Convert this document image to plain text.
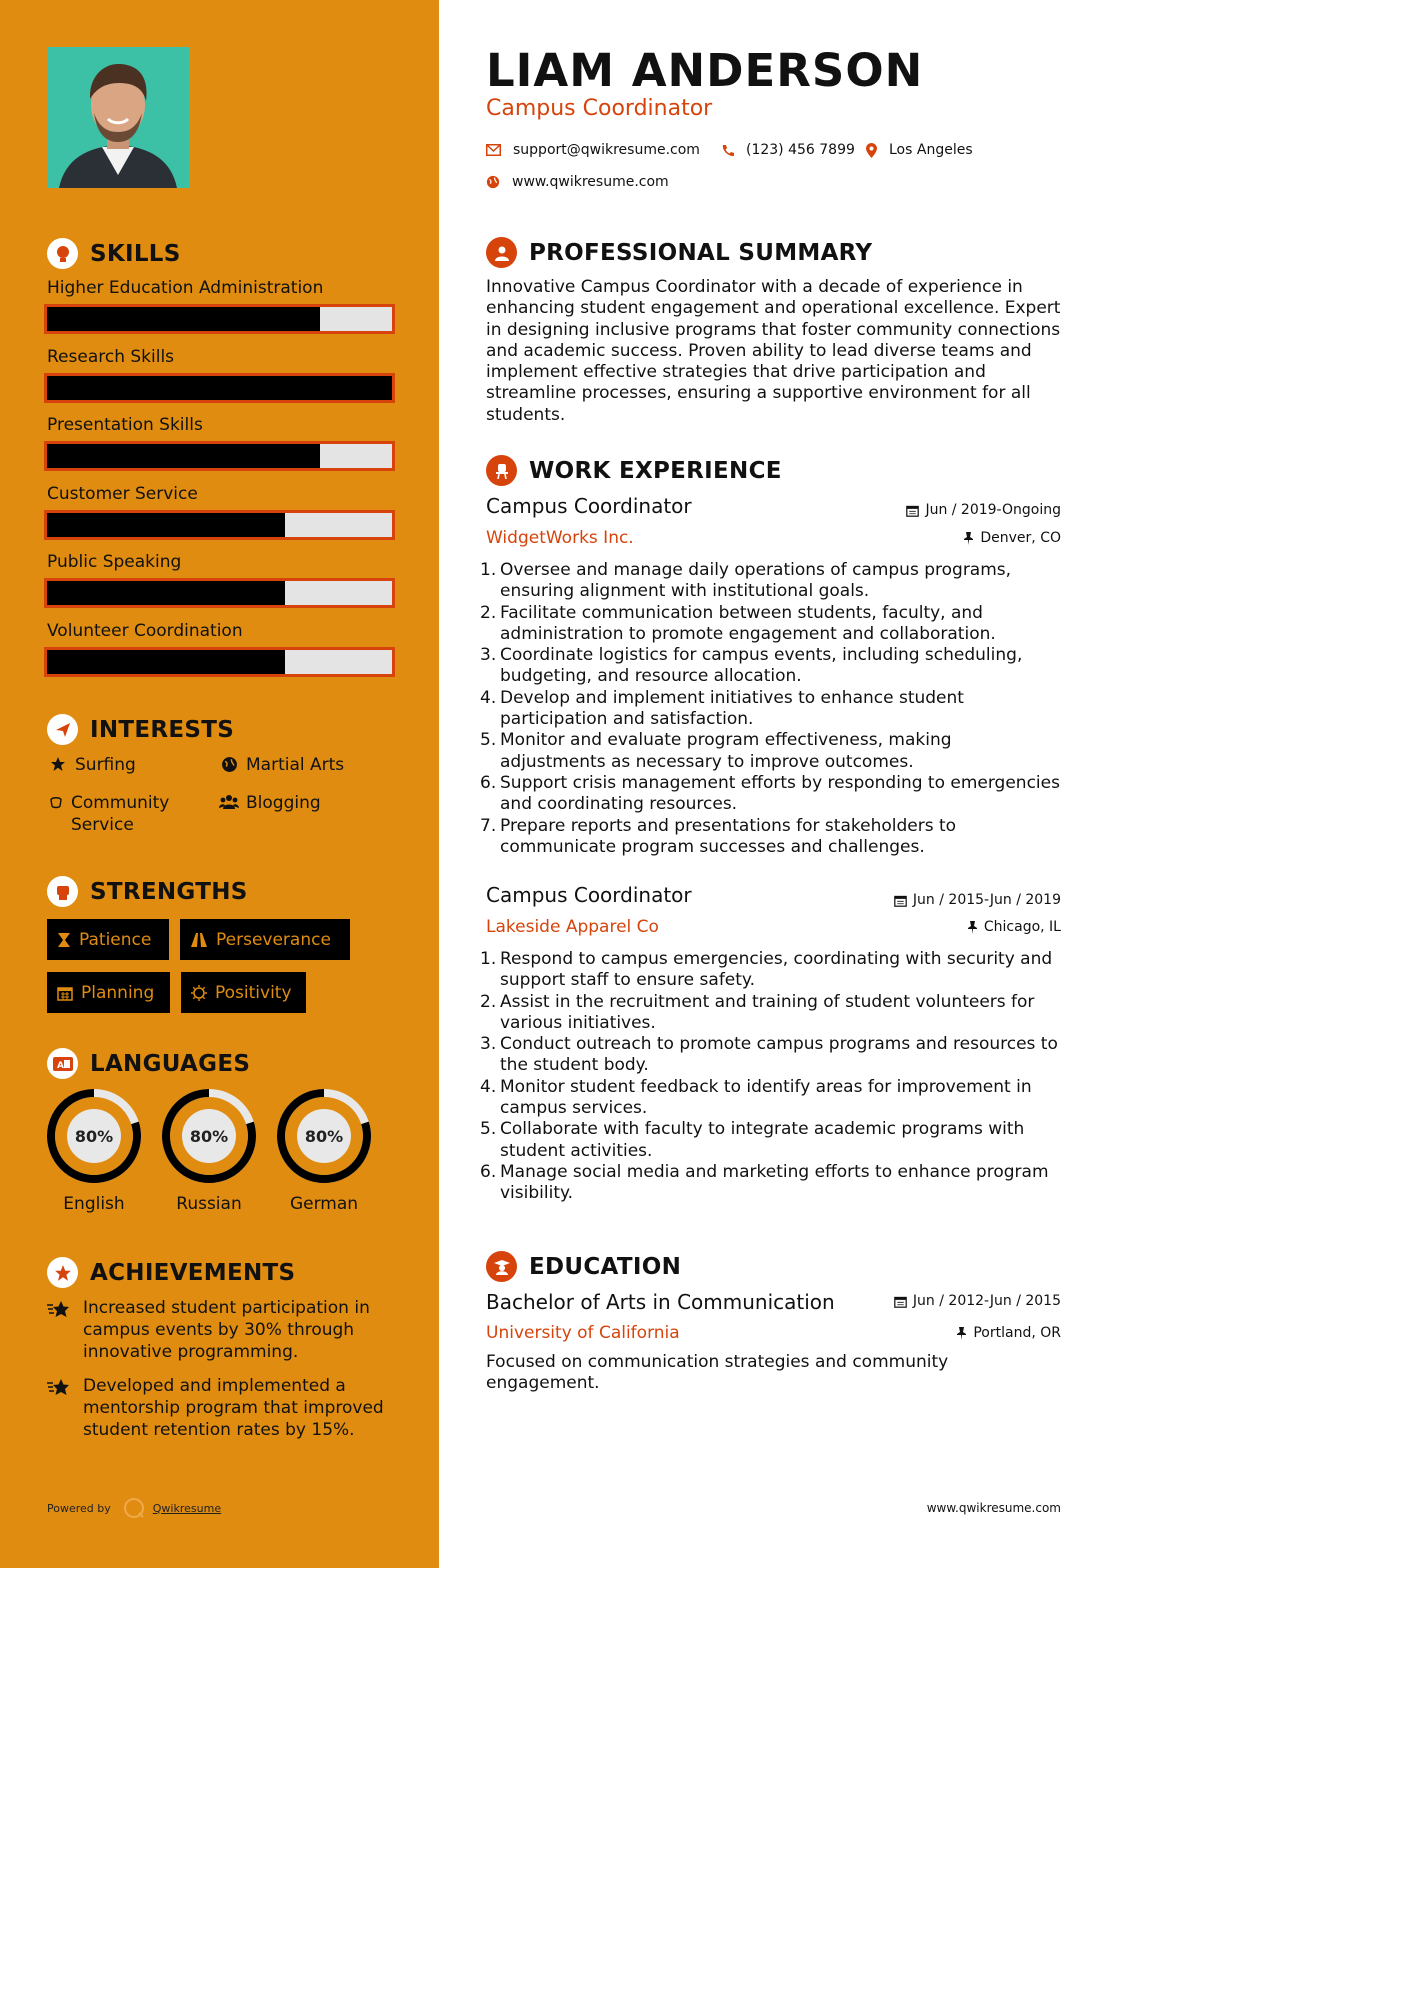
SKILLS
Higher Education Administration
Research Skills
Presentation Skills
Customer Service
Public Speaking
Volunteer Coordination
INTERESTS
Surfing	Martial Arts
Community Service
Blogging
STRENGTHS
Patience	Perseverance
Planning	Positivity
A LANGUAGES
80%
English
80%
Russian
80%
German
ACHIEVEMENTS
Increased student participation in campus events by 30% through innovative programming.
Developed and implemented a mentorship program that improved student retention rates by 15%.
Powered by	Qwikresume
LIAM ANDERSON
Campus Coordinator
support@qwikresume.com	(123) 456 7899 Los Angeles
www.qwikresume.com
PROFESSIONAL SUMMARY
Innovative Campus Coordinator with a decade of experience in enhancing student engagement and operational excellence. Expert in designing inclusive programs that foster community connections and academic success. Proven ability to lead diverse teams and implement effective strategies that drive participation and streamline processes, ensuring a supportive environment for all students.
WORK EXPERIENCE
Campus Coordinator	Jun / 2019-Ongoing
WidgetWorks Inc.	Denver, CO
Oversee and manage daily operations of campus programs, ensuring alignment with institutional goals.
Facilitate communication between students, faculty, and administration to promote engagement and collaboration.
Coordinate logistics for campus events, including scheduling, budgeting, and resource allocation.
Develop and implement initiatives to enhance student participation and satisfaction.
Monitor and evaluate program effectiveness, making adjustments as necessary to improve outcomes.
Support crisis management efforts by responding to emergencies and coordinating resources.
Prepare reports and presentations for stakeholders to communicate program successes and challenges.
Campus Coordinator	Jun / 2015-Jun / 2019
Lakeside Apparel Co	Chicago, IL
Respond to campus emergencies, coordinating with security and support staff to ensure safety.
Assist in the recruitment and training of student volunteers for various initiatives.
Conduct outreach to promote campus programs and resources to the student body.
Monitor student feedback to identify areas for improvement in campus services.
Collaborate with faculty to integrate academic programs with student activities.
Manage social media and marketing efforts to enhance program visibility.
EDUCATION
Bachelor of Arts in Communication	Jun / 2012-Jun / 2015
University of California	Portland, OR
Focused on communication strategies and community engagement.
www.qwikresume.com
